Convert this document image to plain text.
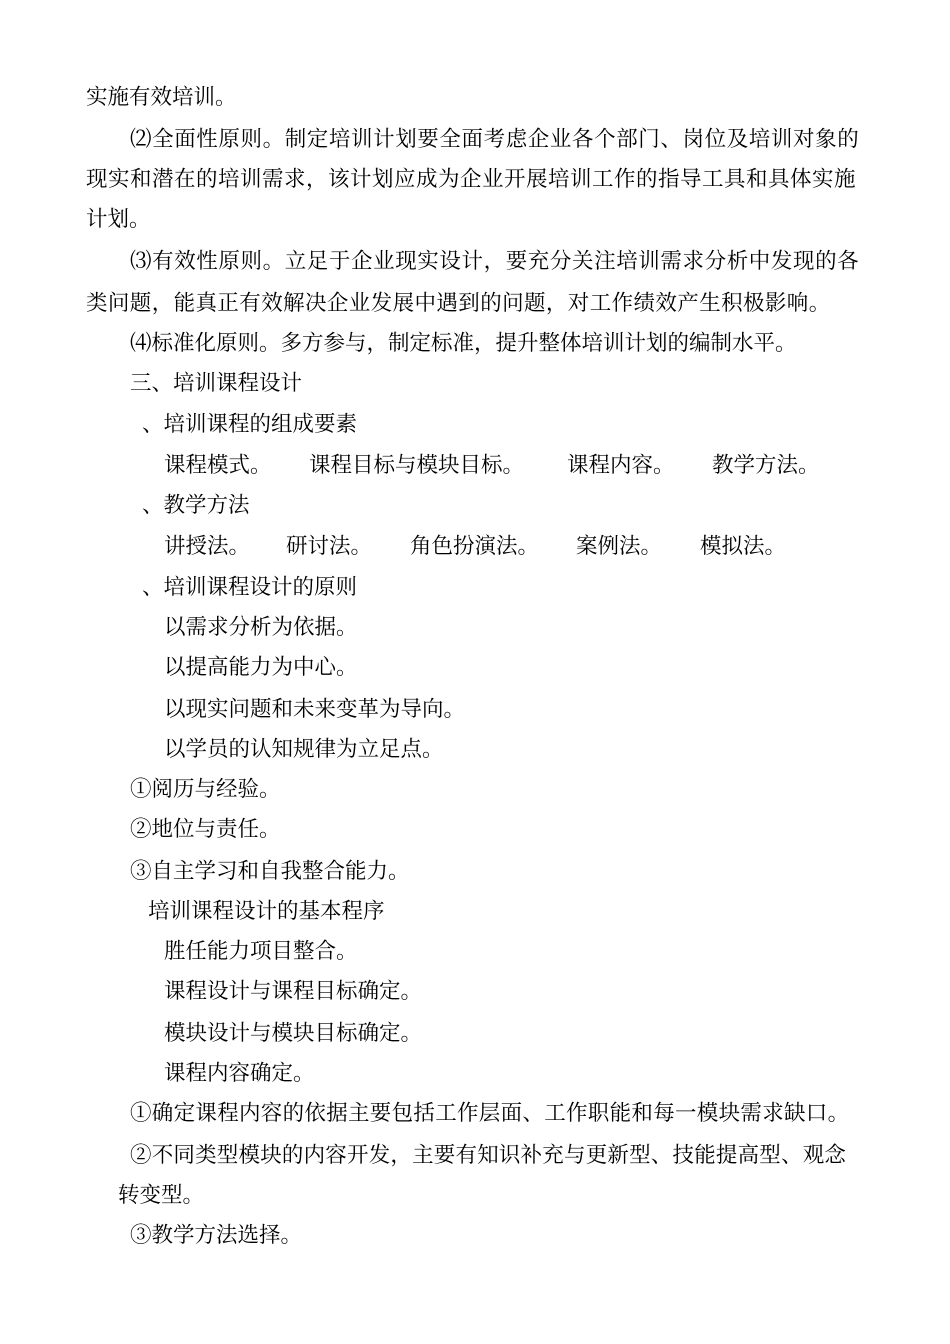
实施有效培训。
⑵全面性原则。制定培训计划要全面考虑企业各个部门、岗位及培训对象的
现实和潜在的培训需求，该计划应成为企业开展培训工作的指导工具和具体实施
计划。
⑶有效性原则。立足于企业现实设计，要充分关注培训需求分析中发现的各
类问题，能真正有效解决企业发展中遇到的问题，对工作绩效产生积极影响。
⑷标准化原则。多方参与，制定标准，提升整体培训计划的编制水平。
三、培训课程设计
、培训课程的组成要素
课程模式。 课程目标与模块目标。 课程内容。 教学方法。
、教学方法
讲授法。 研讨法。 角色扮演法。 案例法。 模拟法。
、培训课程设计的原则
以需求分析为依据。
以提高能力为中心。
以现实问题和未来变革为导向。
以学员的认知规律为立足点。
①阅历与经验。
②地位与责任。
③自主学习和自我整合能力。
培训课程设计的基本程序
胜任能力项目整合。
课程设计与课程目标确定。
模块设计与模块目标确定。
课程内容确定。
①确定课程内容的依据主要包括工作层面、工作职能和每一模块需求缺口。
②不同类型模块的内容开发，主要有知识补充与更新型、技能提高型、观念
转变型。
③教学方法选择。
